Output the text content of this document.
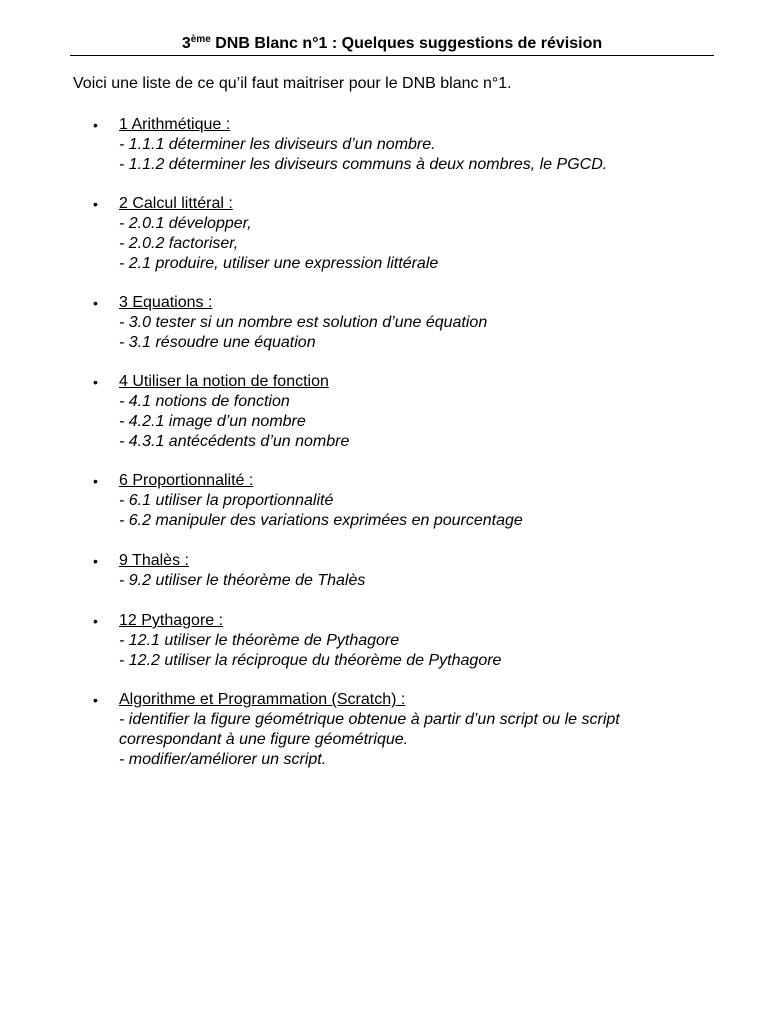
3ème DNB Blanc n°1 : Quelques suggestions de révision
Voici une liste de ce qu’il faut maitriser pour le DNB blanc n°1.
• 1 Arithmétique :
- 1.1.1 déterminer les diviseurs d’un nombre.
- 1.1.2 déterminer les diviseurs communs à deux nombres, le PGCD.
• 2 Calcul littéral :
- 2.0.1 développer,
- 2.0.2 factoriser,
- 2.1 produire, utiliser une expression littérale
• 3 Equations :
- 3.0 tester si un nombre est solution d’une équation
- 3.1 résoudre une équation
• 4 Utiliser la notion de fonction
- 4.1 notions de fonction
- 4.2.1 image d’un nombre
- 4.3.1 antécédents d’un nombre
• 6 Proportionnalité :
- 6.1 utiliser la proportionnalité
- 6.2 manipuler des variations exprimées en pourcentage
• 9 Thalès :
- 9.2 utiliser le théorème de Thalès
• 12 Pythagore :
- 12.1 utiliser le théorème de Pythagore
- 12.2 utiliser la réciproque du théorème de Pythagore
• Algorithme et Programmation (Scratch) :
- identifier la figure géométrique obtenue à partir d’un script ou le script
correspondant à une figure géométrique.
- modifier/améliorer un script.
